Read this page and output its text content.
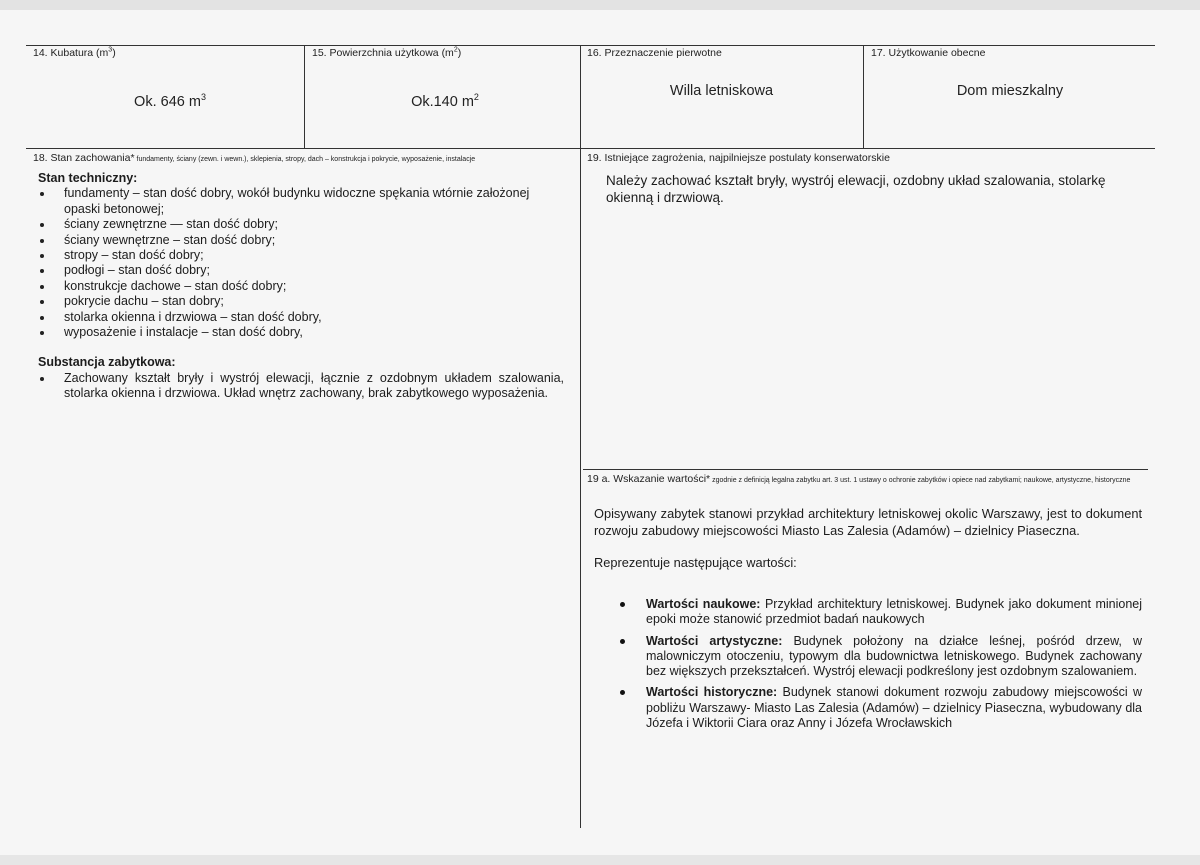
14. Kubatura $(m^3)$	15. Powierzchnia użytkowa $(m^2)$	16. Przeznaczenie pierwotne	17. Użytkowanie obecne
Ok. 646 $m^3$	Ok.140 $m^2$	Willa letniskowa	Dom mieszkalny
18. Stan zachowania* fundamenty, ściany (zewn. i wewn.), sklepienia, stropy, dach – konstrukcja i pokrycie, wyposażenie, instalacje

Stan techniczny:

fundamenty – stan dość dobry, wokół budynku widoczne spękania wtórnie założonej opaski betonowej;
ściany zewnętrzne — stan dość dobry;
ściany wewnętrzne – stan dość dobry;
stropy – stan dość dobry;
podłogi – stan dość dobry;
konstrukcje dachowe – stan dość dobry;
pokrycie dachu – stan dobry;
stolarka okienna i drzwiowa – stan dość dobry,
wyposażenie i instalacje – stan dość dobry,

Substancja zabytkowa:

Zachowany kształt bryły i wystrój elewacji, łącznie z ozdobnym układem szalowania, stolarka okienna i drzwiowa. Układ wnętrz zachowany, brak zabytkowego wyposażenia.
19. Istniejące zagrożenia, najpilniejsze postulaty konserwatorskie
Należy zachować kształt bryły, wystrój elewacji, ozdobny układ szalowania, stolarkę okienną i drzwiową.
19 a. Wskazanie wartości* zgodnie z definicją legalna zabytku art. 3 ust. 1 ustawy o ochronie zabytków i opiece nad zabytkami; naukowe, artystyczne, historyczne

Opisywany zabytek stanowi przykład architektury letniskowej okolic Warszawy, jest to dokument rozwoju zabudowy miejscowości Miasto Las Zalesia (Adamów) – dzielnicy Piaseczna.

Reprezentuje następujące wartości:

Wartości naukowe: Przykład architektury letniskowej. Budynek jako dokument minionej epoki może stanowić przedmiot badań naukowych
Wartości artystyczne: Budynek położony na działce leśnej, pośród drzew, w malowniczym otoczeniu, typowym dla budownictwa letniskowego. Budynek zachowany bez większych przekształceń. Wystrój elewacji podkreślony jest ozdobnym szalowaniem.
Wartości historyczne: Budynek stanowi dokument rozwoju zabudowy miejscowości w pobliżu Warszawy- Miasto Las Zalesia (Adamów) – dzielnicy Piaseczna, wybudowany dla Józefa i Wiktorii Ciara oraz Anny i Józefa Wrocławskich
